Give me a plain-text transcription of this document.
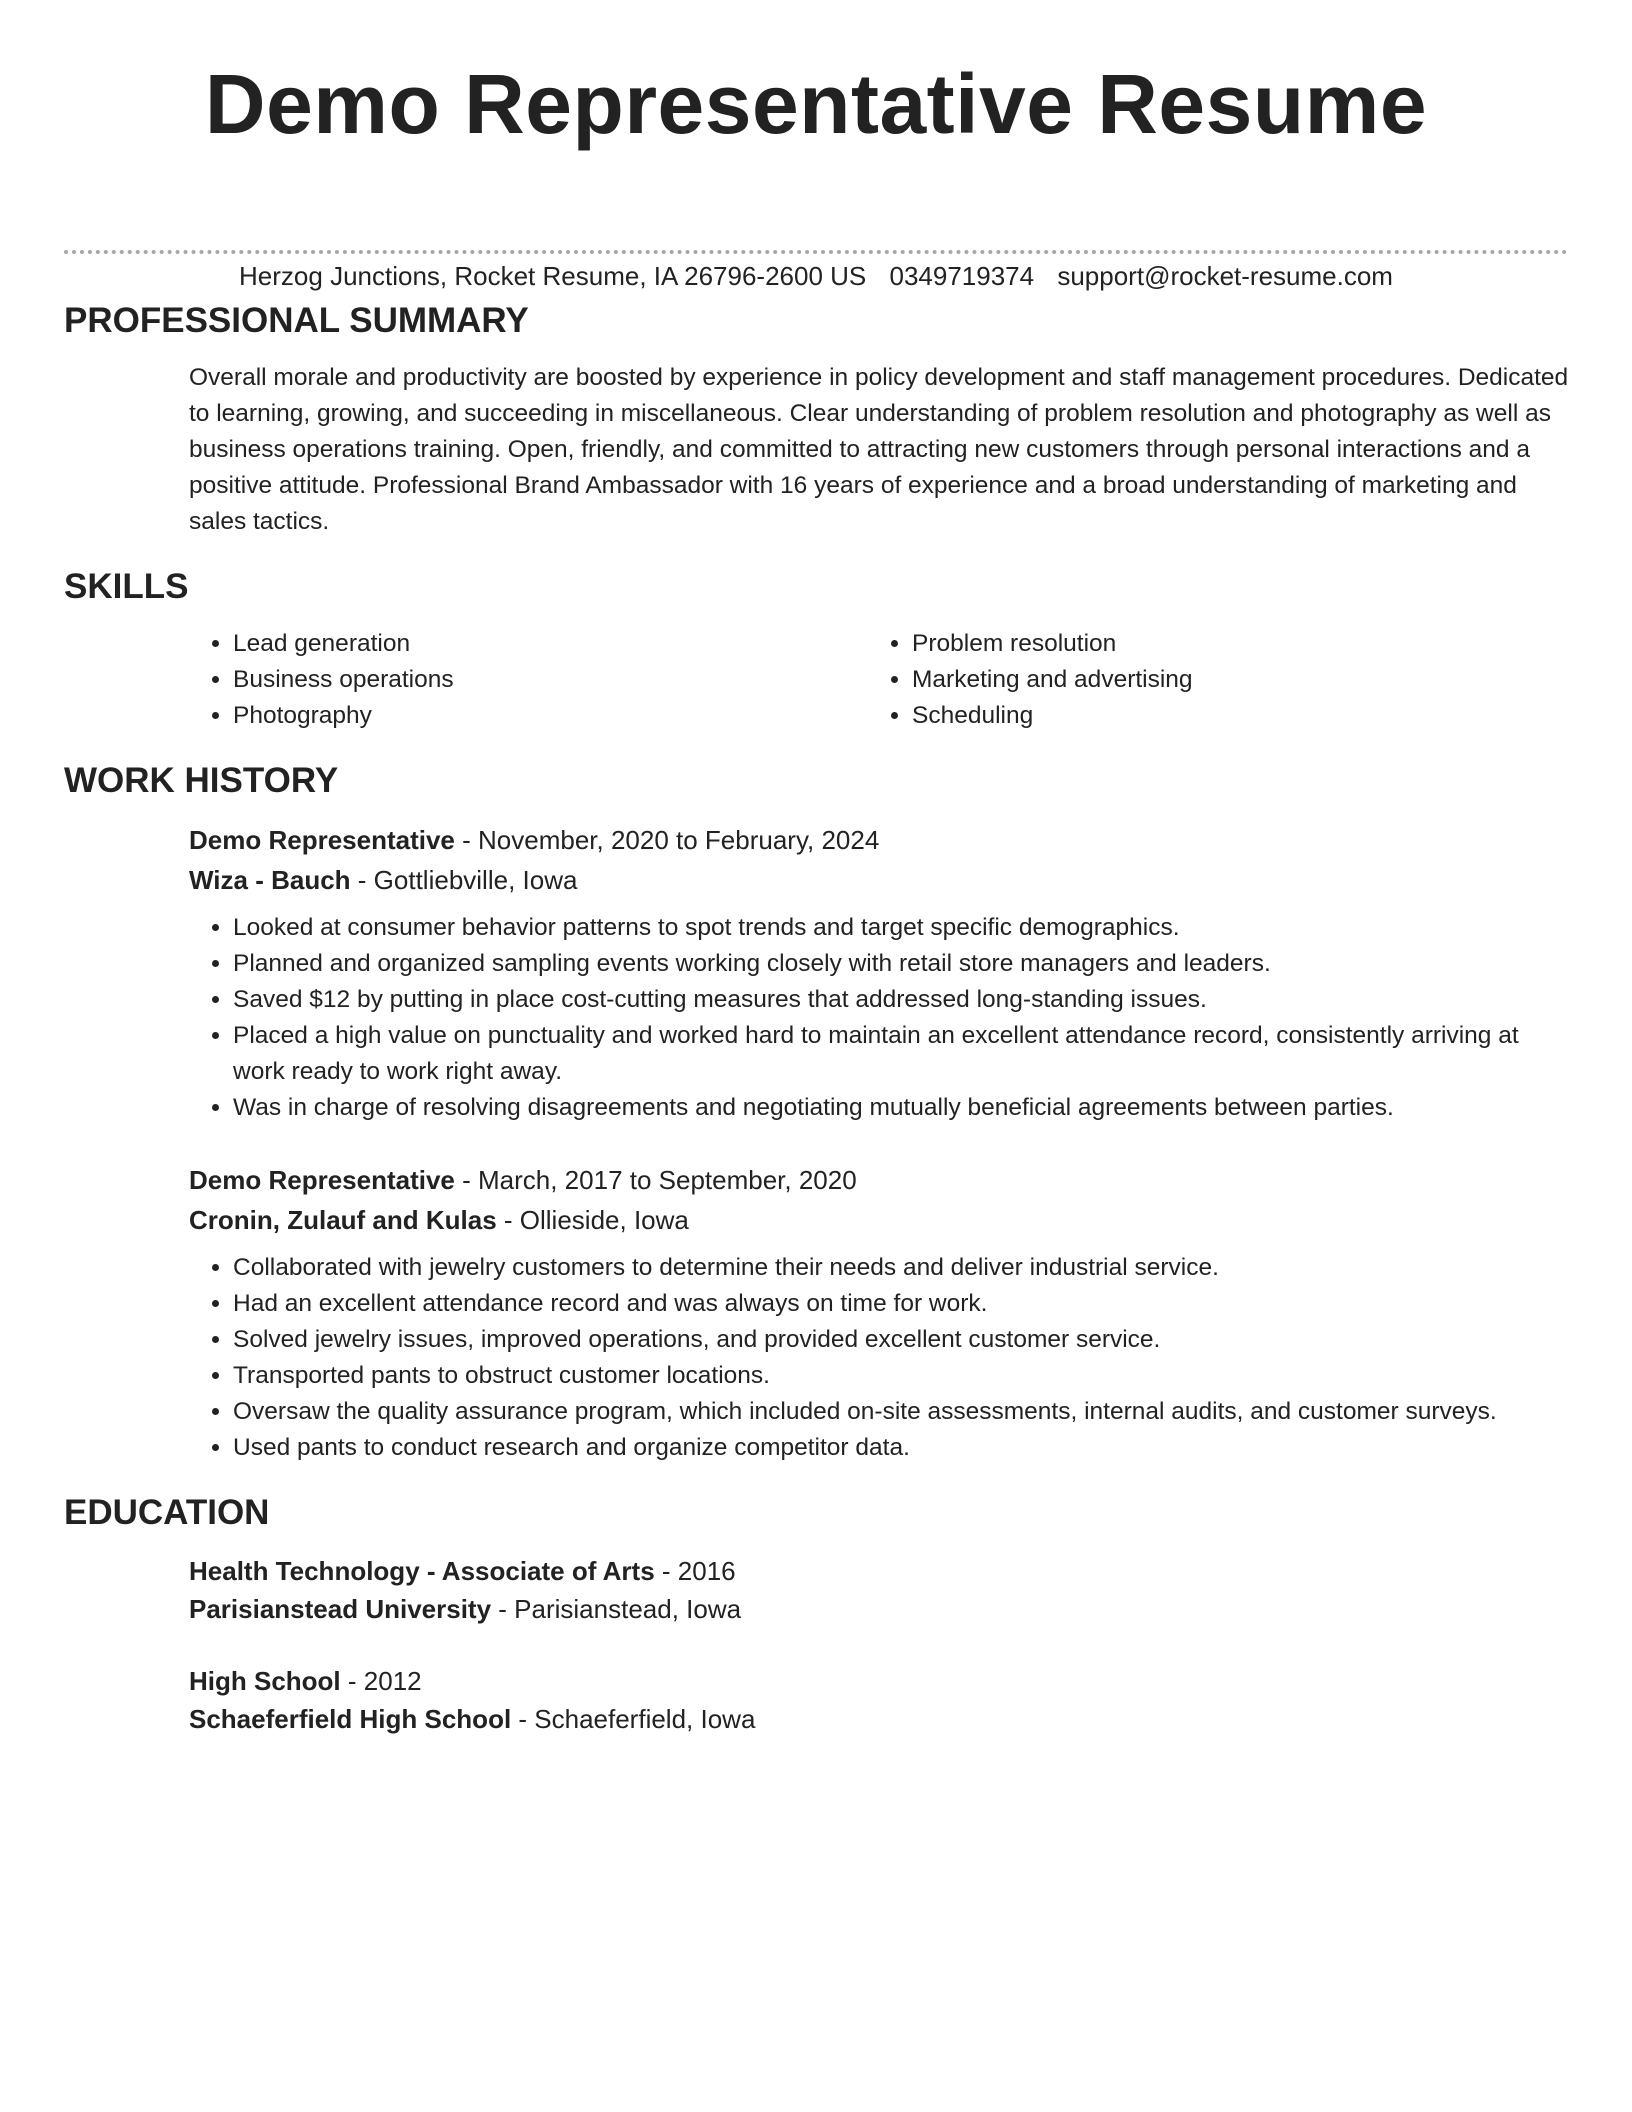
Demo Representative Resume
Herzog Junctions, Rocket Resume, IA 26796-2600 US 0349719374 support@rocket-resume.com
PROFESSIONAL SUMMARY
Overall morale and productivity are boosted by experience in policy development and staff management procedures. Dedicated to learning, growing, and succeeding in miscellaneous. Clear understanding of problem resolution and photography as well as business operations training. Open, friendly, and committed to attracting new customers through personal interactions and a positive attitude. Professional Brand Ambassador with 16 years of experience and a broad understanding of marketing and sales tactics.
SKILLS
• Lead generation
• Business operations
• Photography
• Problem resolution
• Marketing and advertising
• Scheduling
WORK HISTORY
Demo Representative - November, 2020 to February, 2024
Wiza - Bauch - Gottliebville, Iowa
• Looked at consumer behavior patterns to spot trends and target specific demographics.
• Planned and organized sampling events working closely with retail store managers and leaders.
• Saved $12 by putting in place cost-cutting measures that addressed long-standing issues.
• Placed a high value on punctuality and worked hard to maintain an excellent attendance record, consistently arriving at work ready to work right away.
• Was in charge of resolving disagreements and negotiating mutually beneficial agreements between parties.
Demo Representative - March, 2017 to September, 2020
Cronin, Zulauf and Kulas - Ollieside, Iowa
• Collaborated with jewelry customers to determine their needs and deliver industrial service.
• Had an excellent attendance record and was always on time for work.
• Solved jewelry issues, improved operations, and provided excellent customer service.
• Transported pants to obstruct customer locations.
• Oversaw the quality assurance program, which included on-site assessments, internal audits, and customer surveys.
• Used pants to conduct research and organize competitor data.
EDUCATION
Health Technology - Associate of Arts - 2016
Parisianstead University - Parisianstead, Iowa
High School - 2012
Schaeferfield High School - Schaeferfield, Iowa
